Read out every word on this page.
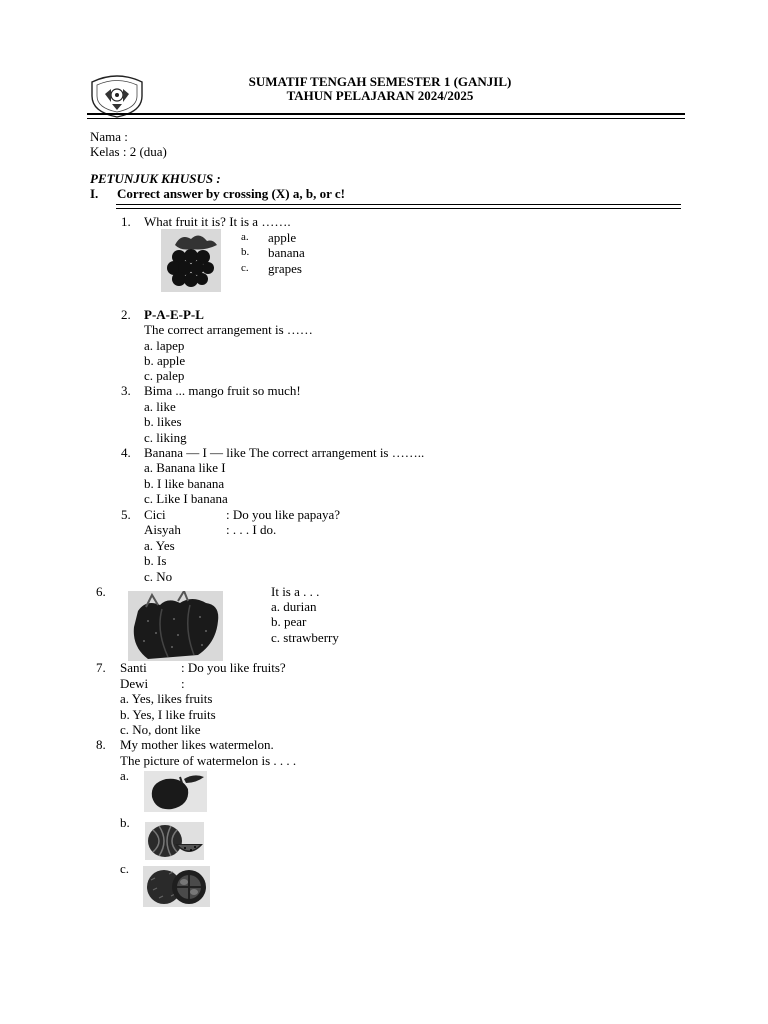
SUMATIF TENGAH SEMESTER 1 (GANJIL)
TAHUN PELAJARAN 2024/2025
Nama :
Kelas : 2 (dua)
PETUNJUK KHUSUS :
I. Correct answer by crossing (X) a, b, or c!
1. What fruit it is? It is a …….
a. apple
b. banana
c. grapes
2. P-A-E-P-L
The correct arrangement is ……
a. lapep
b. apple
c. palep
3. Bima ... mango fruit so much!
a. like
b. likes
c. liking
4. Banana — I — like The correct arrangement is ……..
a. Banana like I
b. I like banana
c. Like I banana
5. Cici	: Do you like papaya?
Aisyah	: . . . I do.
a. Yes
b. Is
c. No
6.	It is a . . .
a. durian
b. pear
c. strawberry
7. Santi	: Do you like fruits?
Dewi	:
a. Yes, likes fruits
b. Yes, I like fruits
c. No, dont like
8. My mother likes watermelon.
The picture of watermelon is . . . .
a.
b.
c.
